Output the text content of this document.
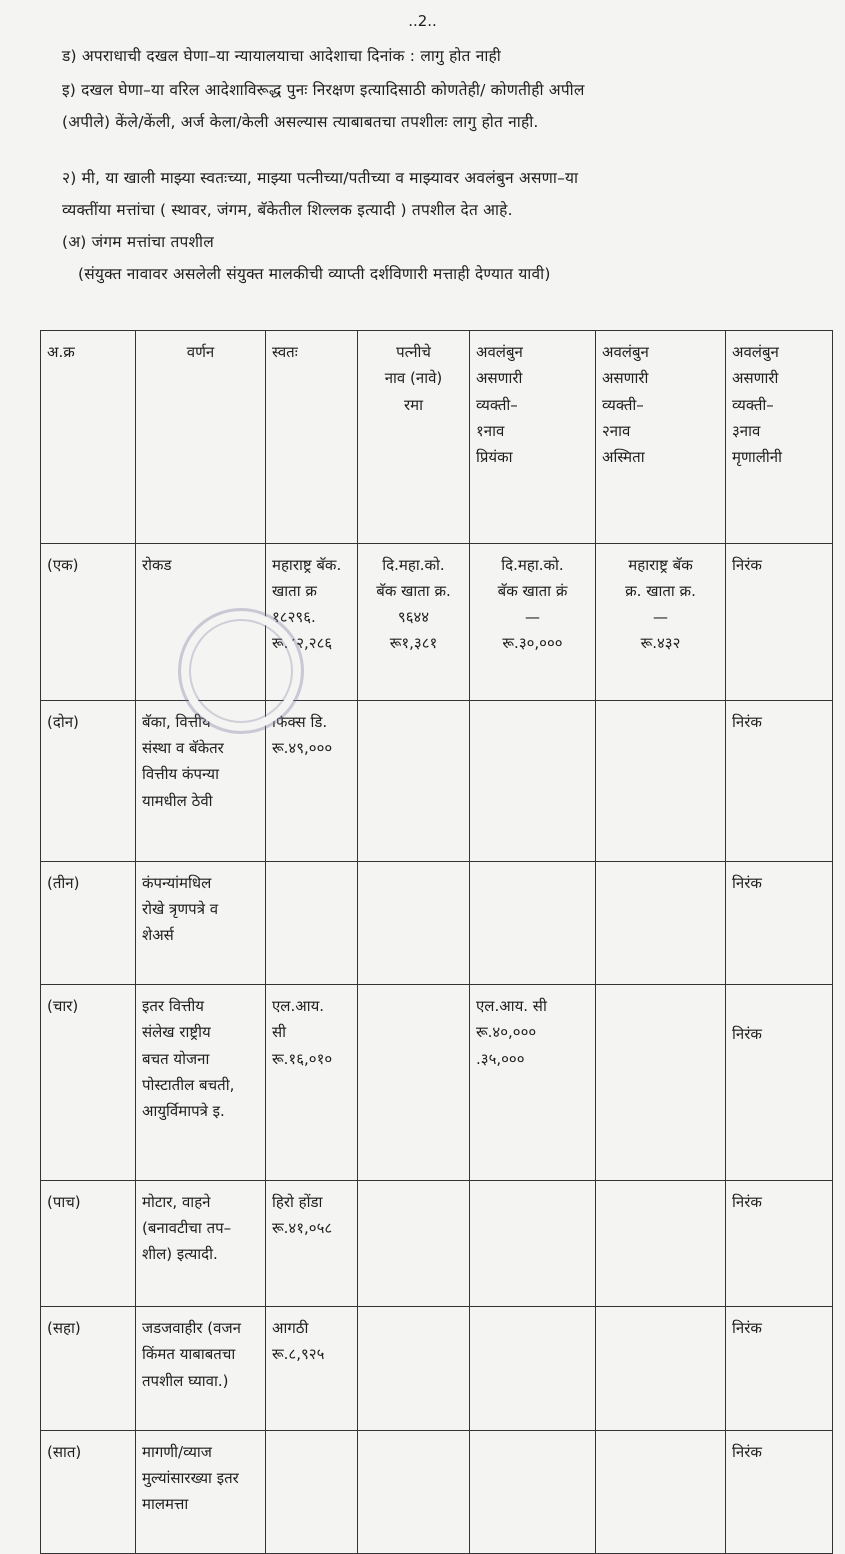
..2..
ड) अपराधाची दखल घेणा–या न्यायालयाचा आदेशाचा दिनांक : लागु होत नाही
इ) दखल घेणा–या वरिल आदेशाविरूद्ध पुनः निरक्षण इत्यादिसाठी कोणतेही/ कोणतीही अपील
(अपीले) केंले/केंली, अर्ज केला/केली असल्यास त्याबाबतचा तपशीलः लागु होत नाही.
२) मी, या खाली माझ्या स्वतःच्या, माझ्या पत्नीच्या/पतीच्या व माझ्यावर अवलंबुन असणा–या
व्यक्तींया मत्तांचा ( स्थावर, जंगम, बॅकेतील शिल्लक इत्यादी ) तपशील देत आहे.
(अ) जंगम मत्तांचा तपशील
(संयुक्त नावावर असलेली संयुक्त मालकीची व्याप्ती दर्शविणारी मत्ताही देण्यात यावी)
अ.क्र	वर्णन	स्वतः	पत्नीचे
नाव (नावे)
रमा	अवलंबुन
असणारी
व्यक्ती–
१नाव
प्रियंका	अवलंबुन
असणारी
व्यक्ती–
२नाव
अस्मिता	अवलंबुन
असणारी
व्यक्ती–
३नाव
मृणालीनी
(एक)	रोकड	महाराष्ट्र बॅक.
खाता क्र
१८२९६.
रू.८२,२८६	दि.महा.को.
बॅक खाता क्र.
९६४४
रू१,३८१	दि.महा.को.
बॅक खाता क्रं
—
रू.३०,०००	महाराष्ट्र बॅक
क्र. खाता क्र.
—
रू.४३२	निरंक
(दोन)	बॅका, वित्तीय
संस्था व बॅकेतर
वित्तीय कंपन्या
यामधील ठेवी	फिक्स डि.
रू.४९,०००				निरंक
(तीन)	कंपन्यांमधिल
रोखे त्रृणपत्रे व
शेअर्स					निरंक
(चार)	इतर वित्तीय
संलेख राष्ट्रीय
बचत योजना
पोस्टातील बचती,
आयुर्विमापत्रे इ.	एल.आय.
सी
रू.१६,०१०		एल.आय. सी
रू.४०,०००
.३५,०००		निरंक
(पाच)	मोटार, वाहने
(बनावटीचा तप–
शील) इत्यादी.	हिरो होंडा
रू.४१,०५८				निरंक
(सहा)	जडजवाहीर (वजन
किंमत याबाबतचा
तपशील घ्यावा.)	आगठी
रू.८,९२५				निरंक
(सात)	मागणी/व्याज
मुल्यांसारख्या इतर
मालमत्ता					निरंक
